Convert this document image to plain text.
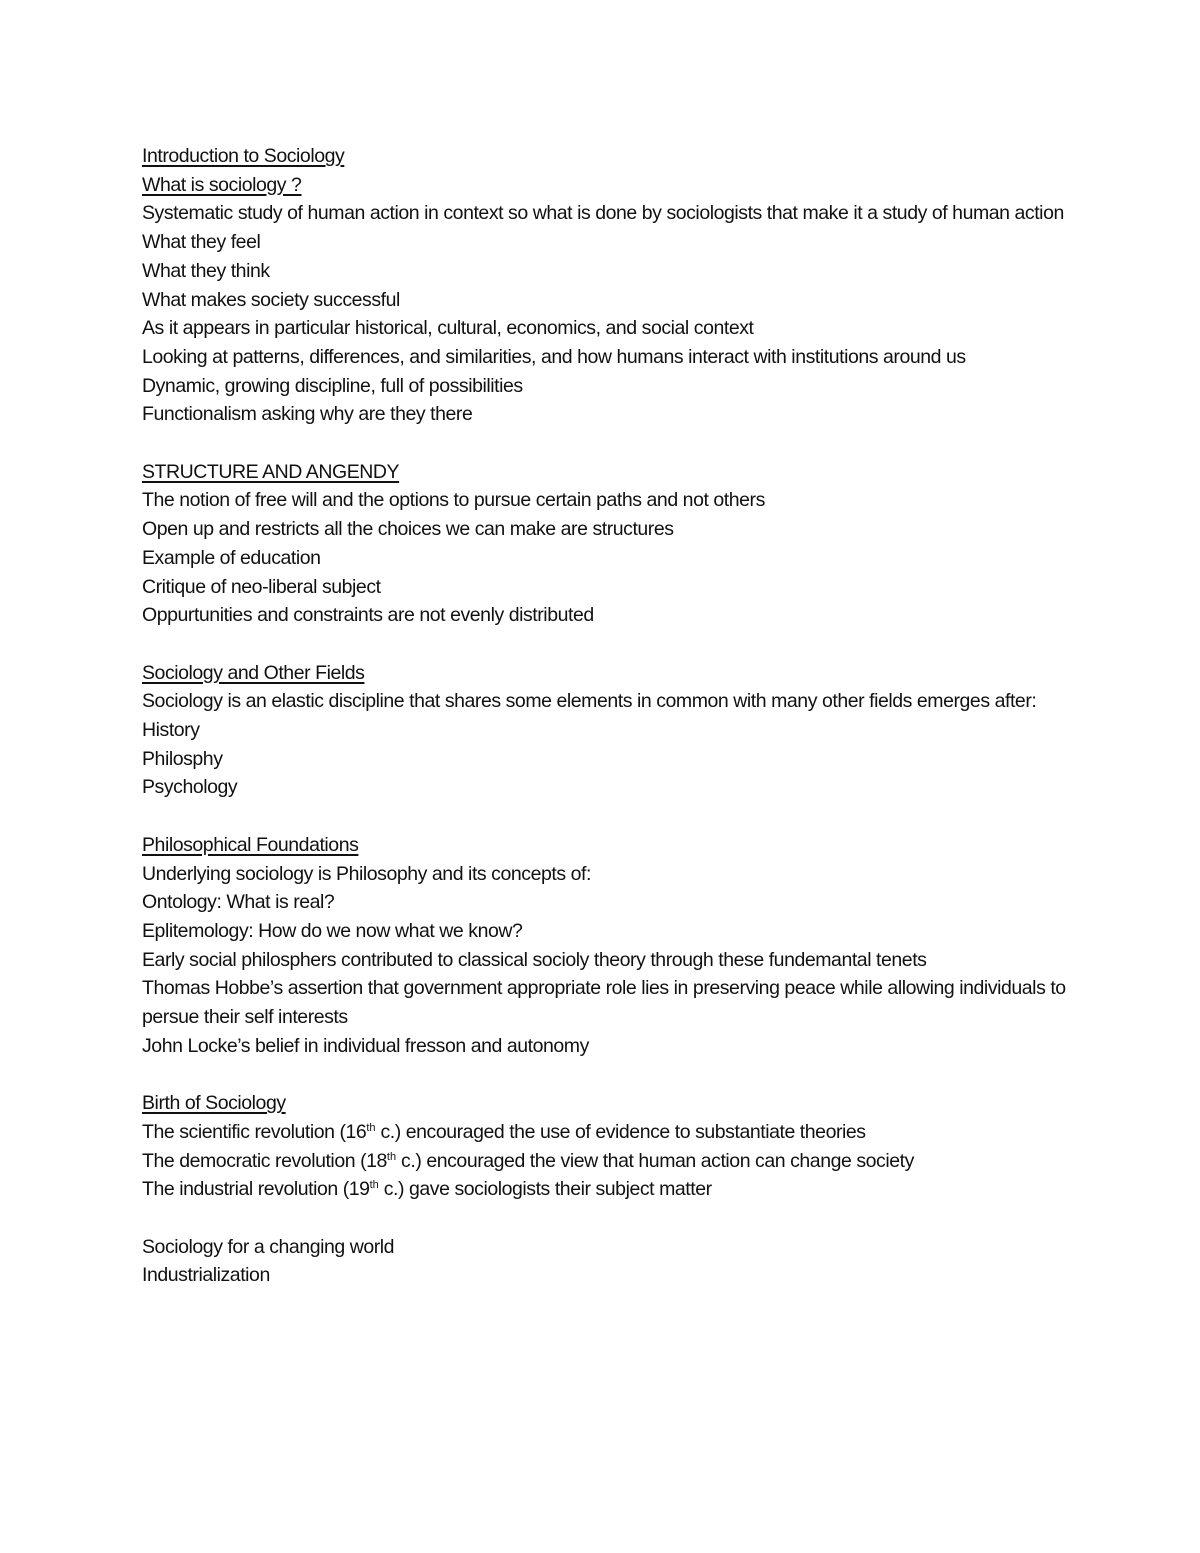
Introduction to Sociology
What is sociology ?
Systematic study of human action in context so what is done by sociologists that make it a study of human action
What they feel
What they think
What makes society successful
As it appears in particular historical, cultural, economics, and social context
Looking at patterns, differences, and similarities, and how humans interact with institutions around us
Dynamic, growing discipline, full of possibilities
Functionalism asking why are they there
STRUCTURE AND ANGENDY
The notion of free will and the options to pursue certain paths and not others
Open up and restricts all the choices we can make are structures
Example of education
Critique of neo-liberal subject
Oppurtunities and constraints are not evenly distributed
Sociology and Other Fields
Sociology is an elastic discipline that shares some elements in common with many other fields emerges after:
History
Philosphy
Psychology
Philosophical Foundations
Underlying sociology is Philosophy and its concepts of:
Ontology: What is real?
Eplitemology: How do we now what we know?
Early social philosphers contributed to classical socioly theory through these fundemantal tenets
Thomas Hobbe’s assertion that government appropriate role lies in preserving peace while allowing individuals to persue their self interests
John Locke’s belief in individual fresson and autonomy
Birth of Sociology
The scientific revolution (16th c.) encouraged the use of evidence to substantiate theories
The democratic revolution (18th c.) encouraged the view that human action can change society
The industrial revolution (19th c.) gave sociologists their subject matter
Sociology for a changing world
Industrialization
